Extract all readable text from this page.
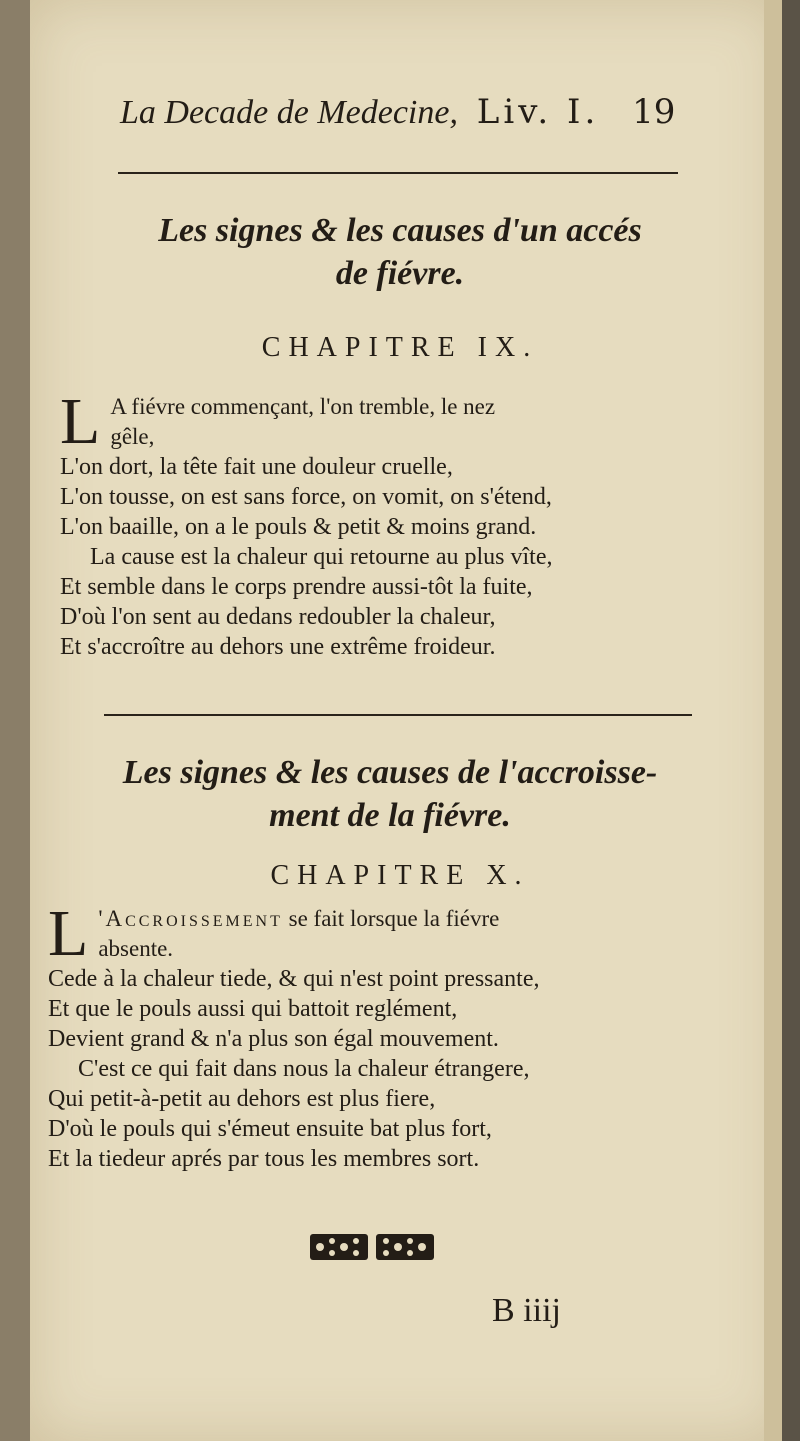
La Decade de Medecine, Liv. I. 19
Les signes & les causes d'un accés
de fiévre.
CHAPITRE IX.
L A fiévre commençant, l'on tremble, le nez
gêle,
L'on dort, la tête fait une douleur cruelle,
L'on tousse, on est sans force, on vomit, on s'étend,
L'on baaille, on a le pouls & petit & moins grand.
La cause est la chaleur qui retourne au plus vîte,
Et semble dans le corps prendre aussi-tôt la fuite,
D'où l'on sent au dedans redoubler la chaleur,
Et s'accroître au dehors une extrême froideur.
Les signes & les causes de l'accroisse-
ment de la fiévre.
CHAPITRE X.
L 'Accroissement se fait lorsque la fiévre
absente.
Cede à la chaleur tiede, & qui n'est point pressante,
Et que le pouls aussi qui battoit reglément,
Devient grand & n'a plus son égal mouvement.
C'est ce qui fait dans nous la chaleur étrangere,
Qui petit-à-petit au dehors est plus fiere,
D'où le pouls qui s'émeut ensuite bat plus fort,
Et la tiedeur aprés par tous les membres sort.
B iiij
